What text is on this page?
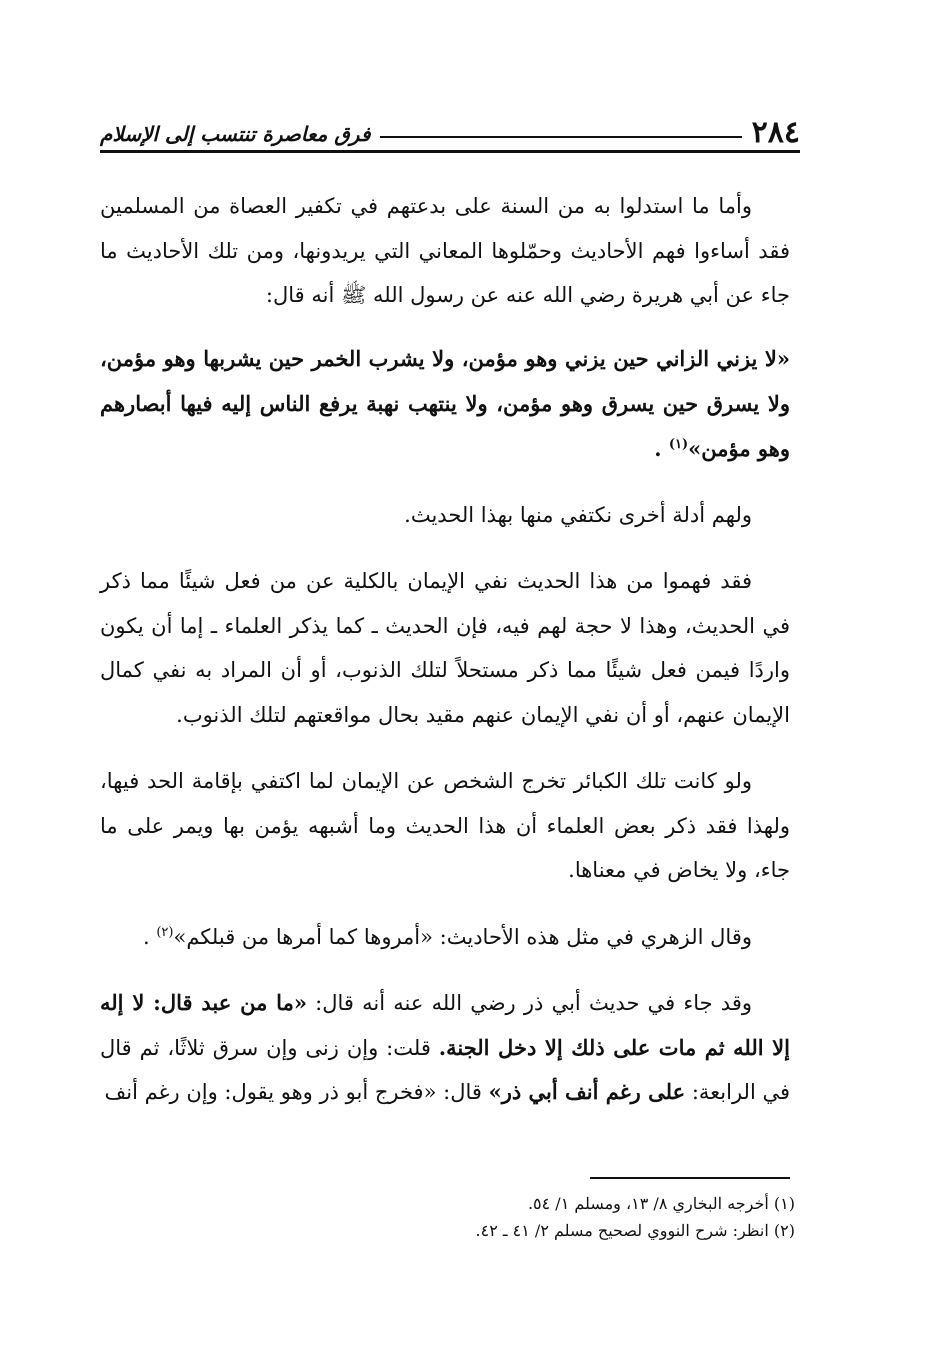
٢٨٤
فرق معاصرة تنتسب إلى الإسلام

وأما ما استدلوا به من السنة على بدعتهم في تكفير العصاة من المسلمين فقد أساءوا فهم الأحاديث وحمّلوها المعاني التي يريدونها، ومن تلك الأحاديث ما جاء عن أبي هريرة رضي الله عنه عن رسول الله ﷺ أنه قال:

«لا يزني الزاني حين يزني وهو مؤمن، ولا يشرب الخمر حين يشربها وهو مؤمن، ولا يسرق حين يسرق وهو مؤمن، ولا ينتهب نهبة يرفع الناس إليه فيها أبصارهم وهو مؤمن»$^{(١)}$ .

ولهم أدلة أخرى نكتفي منها بهذا الحديث.

فقد فهموا من هذا الحديث نفي الإيمان بالكلية عن من فعل شيئًا مما ذكر في الحديث، وهذا لا حجة لهم فيه، فإن الحديث ـ كما يذكر العلماء ـ إما أن يكون واردًا فيمن فعل شيئًا مما ذكر مستحلاً لتلك الذنوب، أو أن المراد به نفي كمال الإيمان عنهم، أو أن نفي الإيمان عنهم مقيد بحال مواقعتهم لتلك الذنوب.

ولو كانت تلك الكبائر تخرج الشخص عن الإيمان لما اكتفي بإقامة الحد فيها، ولهذا فقد ذكر بعض العلماء أن هذا الحديث وما أشبهه يؤمن بها ويمر على ما جاء، ولا يخاض في معناها.

وقال الزهري في مثل هذه الأحاديث: «أمروها كما أمرها من قبلكم»$^{(٢)}$ .

وقد جاء في حديث أبي ذر رضي الله عنه أنه قال: «ما من عبد قال: لا إله إلا الله ثم مات على ذلك إلا دخل الجنة. قلت: وإن زنى وإن سرق ثلاثًا، ثم قال في الرابعة: على رغم أنف أبي ذر» قال: «فخرج أبو ذر وهو يقول: وإن رغم أنف

(١) أخرجه البخاري ٨/ ١٣، ومسلم ١/ ٥٤.

(٢) انظر: شرح النووي لصحيح مسلم ٢/ ٤١ ـ ٤٢.
